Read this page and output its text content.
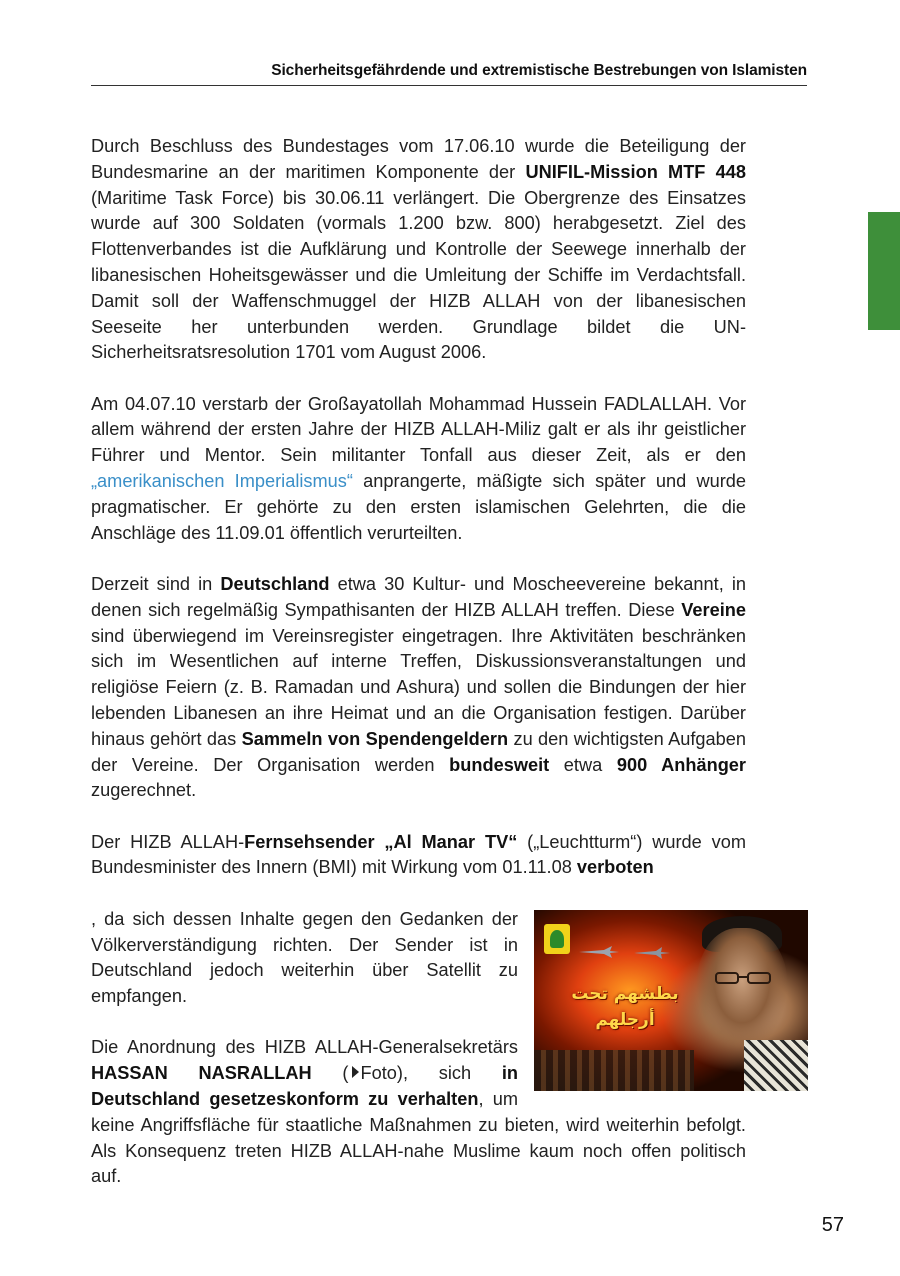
Sicherheitsgefährdende und extremistische Bestrebungen von Islamisten

Durch Beschluss des Bundestages vom 17.06.10 wurde die Beteiligung der Bundesmarine an der maritimen Komponente der UNIFIL-Mission MTF 448 (Maritime Task Force) bis 30.06.11 verlängert. Die Obergrenze des Einsatzes wurde auf 300 Soldaten (vormals 1.200 bzw. 800) herabgesetzt. Ziel des Flottenverbandes ist die Aufklärung und Kontrolle der Seewege innerhalb der libanesischen Hoheitsgewässer und die Umleitung der Schiffe im Verdachtsfall. Damit soll der Waffenschmuggel der HIZB ALLAH von der libanesischen Seeseite her unterbunden werden. Grundlage bildet die UN-Sicherheitsratsresolution 1701 vom August 2006.

Am 04.07.10 verstarb der Großayatollah Mohammad Hussein FADLALLAH. Vor allem während der ersten Jahre der HIZB ALLAH-Miliz galt er als ihr geistlicher Führer und Mentor. Sein militanter Tonfall aus dieser Zeit, als er den „amerikanischen Imperialismus“ anprangerte, mäßigte sich später und wurde pragmatischer. Er gehörte zu den ersten islamischen Gelehrten, die die Anschläge des 11.09.01 öffentlich verurteilten.

Derzeit sind in Deutschland etwa 30 Kultur- und Moscheevereine bekannt, in denen sich regelmäßig Sympathisanten der HIZB ALLAH treffen. Diese Vereine sind überwiegend im Vereinsregister eingetragen. Ihre Aktivitäten beschränken sich im Wesentlichen auf interne Treffen, Diskussionsveranstaltungen und religiöse Feiern (z. B. Ramadan und Ashura) und sollen die Bindungen der hier lebenden Libanesen an ihre Heimat und an die Organisation festigen. Darüber hinaus gehört das Sammeln von Spendengeldern zu den wichtigsten Aufgaben der Vereine. Der Organisation werden bundesweit etwa 900 Anhänger zugerechnet.

Der HIZB ALLAH-Fernsehsender „Al Manar TV“ („Leuchtturm“) wurde vom Bundesminister des Innern (BMI) mit Wirkung vom 01.11.08 verboten

بطشهم تحت أرجلهم
, da sich dessen Inhalte gegen den Gedanken der Völkerverständigung richten. Der Sender ist in Deutschland jedoch weiterhin über Satellit zu empfangen.

Die Anordnung des HIZB ALLAH-Generalsekretärs HASSAN NASRALLAH ( Foto), sich in Deutschland gesetzeskonform zu verhalten, um keine Angriffsfläche für staatliche Maßnahmen zu bieten, wird weiterhin befolgt. Als Konsequenz treten HIZB ALLAH-nahe Muslime kaum noch offen politisch auf.

57
